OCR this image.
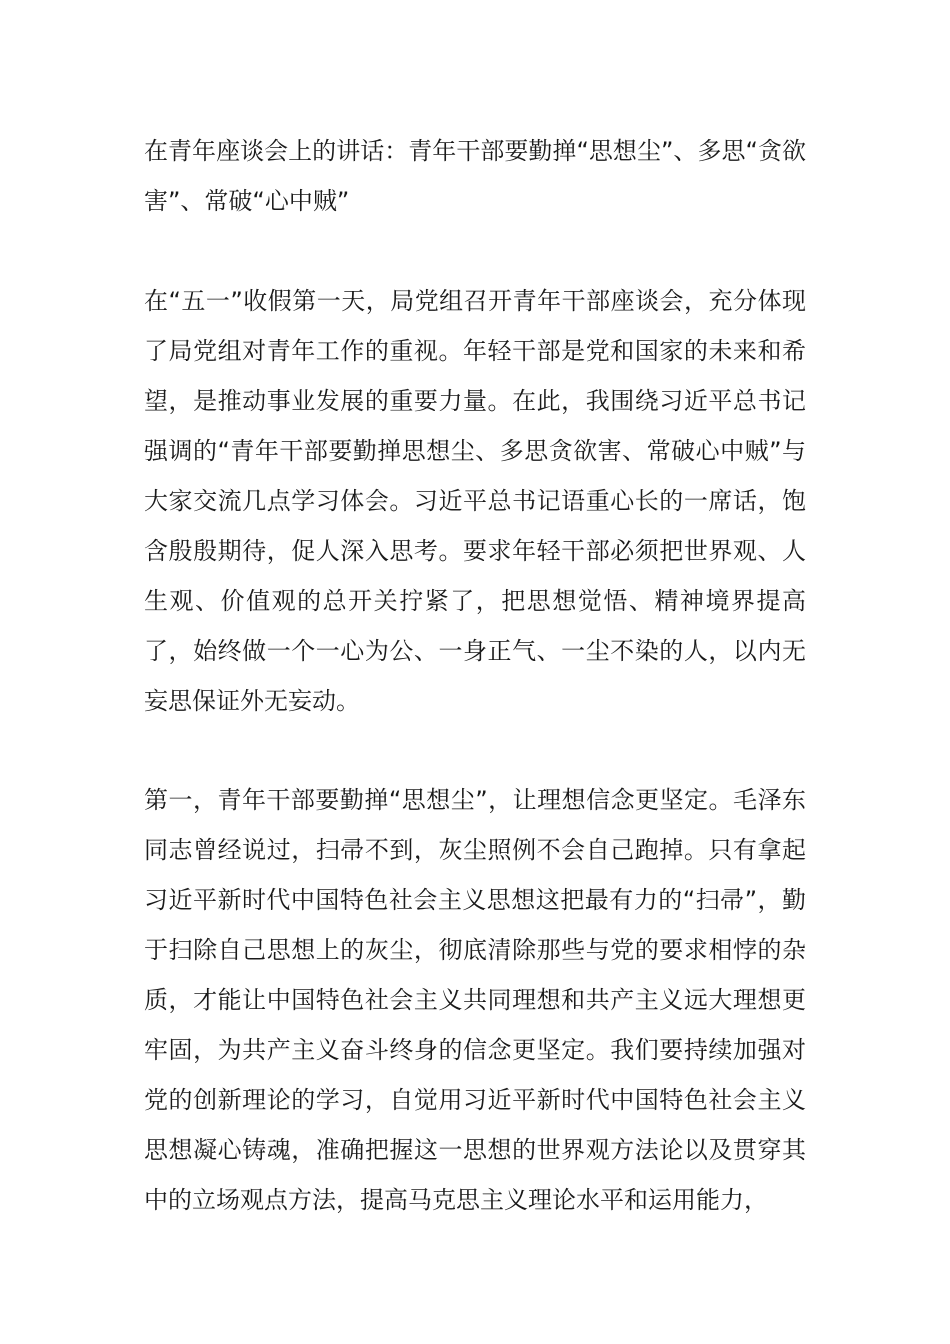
在青年座谈会上的讲话：青年干部要勤掸“思想尘”、多思“贪欲害”、常破“心中贼”

在“五一”收假第一天，局党组召开青年干部座谈会，充分体现了局党组对青年工作的重视。年轻干部是党和国家的未来和希望，是推动事业发展的重要力量。在此，我围绕习近平总书记强调的“青年干部要勤掸思想尘、多思贪欲害、常破心中贼”与大家交流几点学习体会。习近平总书记语重心长的一席话，饱含殷殷期待，促人深入思考。要求年轻干部必须把世界观、人生观、价值观的总开关拧紧了，把思想觉悟、精神境界提高了，始终做一个一心为公、一身正气、一尘不染的人，以内无妄思保证外无妄动。

第一，青年干部要勤掸“思想尘”，让理想信念更坚定。毛泽东同志曾经说过，扫帚不到，灰尘照例不会自己跑掉。只有拿起习近平新时代中国特色社会主义思想这把最有力的“扫帚”，勤于扫除自己思想上的灰尘，彻底清除那些与党的要求相悖的杂质，才能让中国特色社会主义共同理想和共产主义远大理想更牢固，为共产主义奋斗终身的信念更坚定。我们要持续加强对党的创新理论的学习，自觉用习近平新时代中国特色社会主义思想凝心铸魂，准确把握这一思想的世界观方法论以及贯穿其中的立场观点方法，提高马克思主义理论水平和运用能力，
